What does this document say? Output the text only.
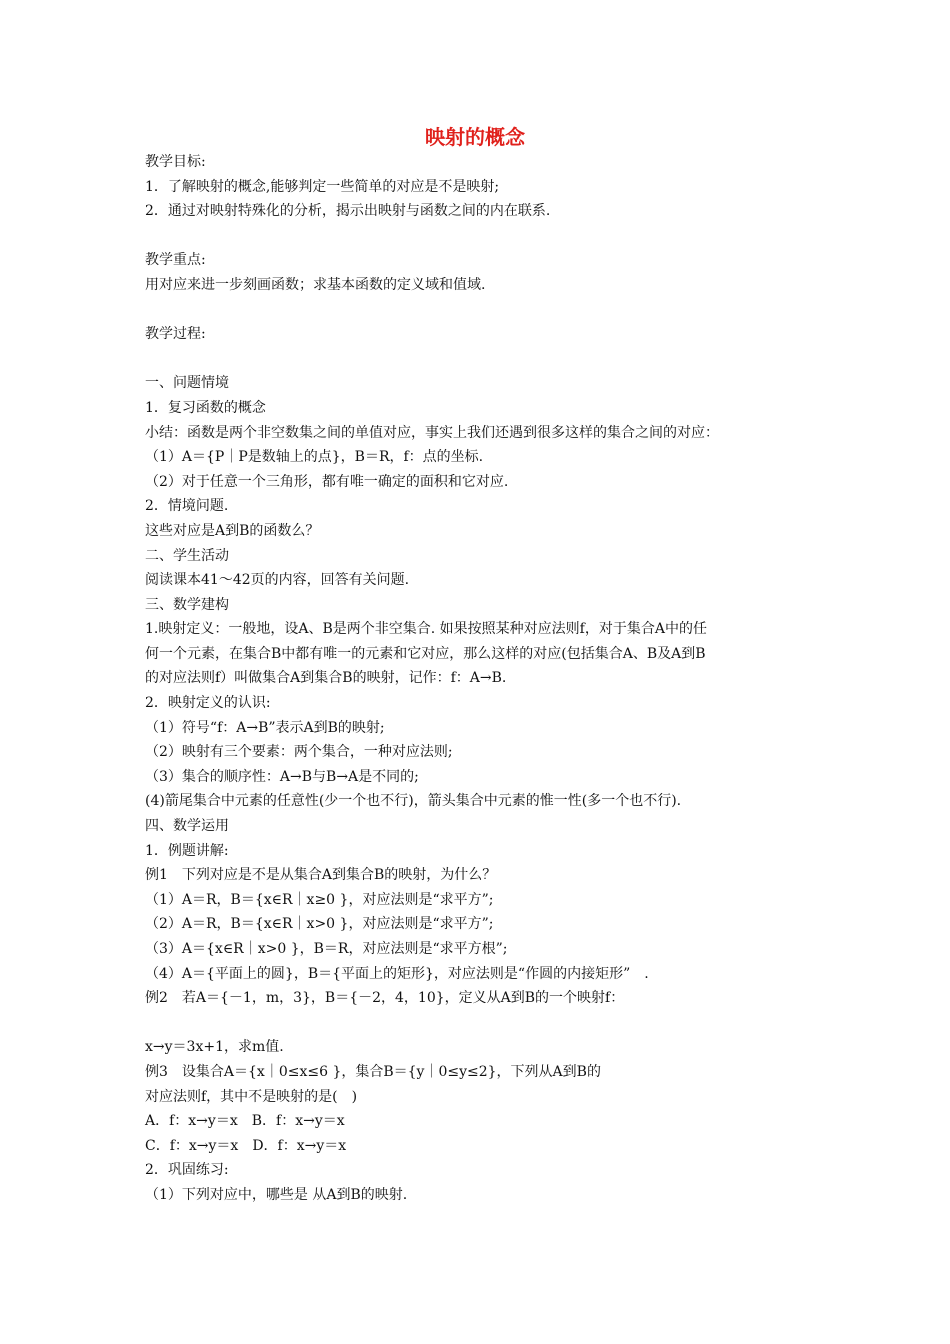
映射的概念
教学目标:
1．了解映射的概念,能够判定一些简单的对应是不是映射;
2．通过对映射特殊化的分析，揭示出映射与函数之间的内在联系.
教学重点:
用对应来进一步刻画函数；求基本函数的定义域和值域.
教学过程:
一、问题情境
1．复习函数的概念
小结：函数是两个非空数集之间的单值对应，事实上我们还遇到很多这样的集合之间的对应：
（1）A＝{P｜P是数轴上的点}，B＝R，f：点的坐标.
（2）对于任意一个三角形，都有唯一确定的面积和它对应.
2．情境问题.
这些对应是A到B的函数么？
二、学生活动
阅读课本41～42页的内容，回答有关问题.
三、数学建构
1.映射定义：一般地，设A、B是两个非空集合. 如果按照某种对应法则f，对于集合A中的任
何一个元素，在集合B中都有唯一的元素和它对应，那么这样的对应(包括集合A、B及A到B
的对应法则f）叫做集合A到集合B的映射，记作：f：A→B.
2．映射定义的认识:
（1）符号“f：A→B”表示A到B的映射;
（2）映射有三个要素：两个集合，一种对应法则;
（3）集合的顺序性：A→B与B→A是不同的;
(4)箭尾集合中元素的任意性(少一个也不行)，箭头集合中元素的惟一性(多一个也不行).
四、数学运用
1．例题讲解:
例1　下列对应是不是从集合A到集合B的映射，为什么？
（1）A＝R，B＝{x∈R｜x≥0 }，对应法则是“求平方”;
（2）A＝R，B＝{x∈R｜x>0 }，对应法则是“求平方”;
（3）A＝{x∈R｜x>0 }，B＝R，对应法则是“求平方根”;
（4）A＝{平面上的圆}，B＝{平面上的矩形}，对应法则是“作圆的内接矩形”　.
例2　若A＝{－1，m，3}，B＝{－2，4，10}，定义从A到B的一个映射f：
x→y＝3x+1，求m值.
例3　设集合A＝{x｜0≤x≤6 }，集合B＝{y｜0≤y≤2}，下列从A到B的
对应法则f，其中不是映射的是(　)
A．f：x→y＝x　B．f：x→y＝x
C．f：x→y＝x　D．f：x→y＝x
2．巩固练习:
（1）下列对应中，哪些是 从A到B的映射.
